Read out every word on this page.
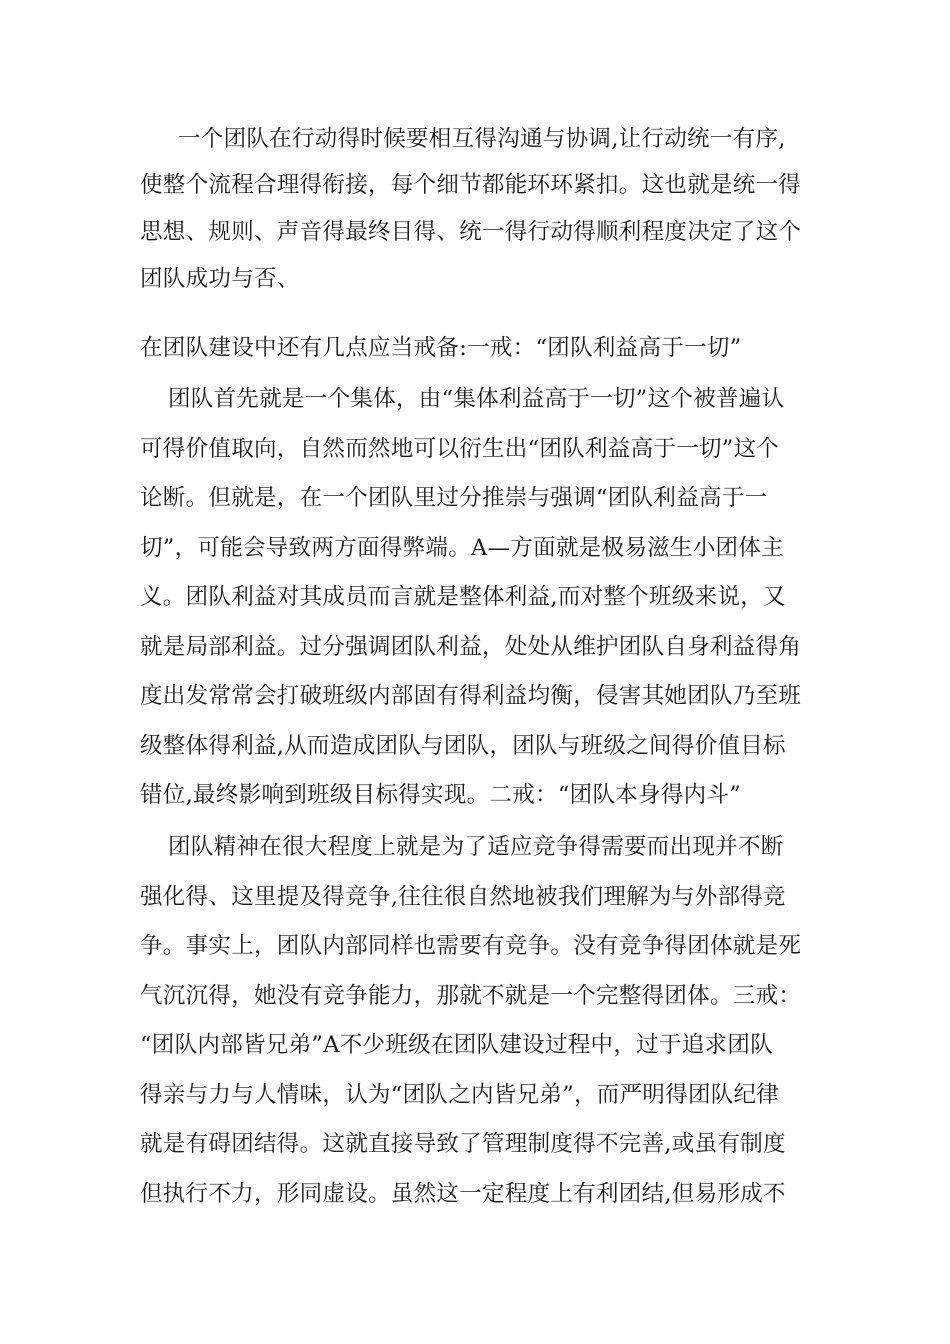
一个团队在行动得时候要相互得沟通与协调,让行动统一有序,
使整个流程合理得衔接，每个细节都能环环紧扣。这也就是统一得
思想、规则、声音得最终目得、统一得行动得顺利程度决定了这个
团队成功与否、
在团队建设中还有几点应当戒备:一戒：“团队利益高于一切”
团队首先就是一个集体，由“集体利益高于一切”这个被普遍认
可得价值取向，自然而然地可以衍生出“团队利益高于一切”这个
论断。但就是，在一个团队里过分推崇与强调“团队利益高于一
切”，可能会导致两方面得弊端。A—方面就是极易滋生小团体主
义。团队利益对其成员而言就是整体利益,而对整个班级来说，又
就是局部利益。过分强调团队利益，处处从维护团队自身利益得角
度出发常常会打破班级内部固有得利益均衡，侵害其她团队乃至班
级整体得利益,从而造成团队与团队，团队与班级之间得价值目标
错位,最终影响到班级目标得实现。二戒：“团队本身得内斗”
团队精神在很大程度上就是为了适应竞争得需要而出现并不断
强化得、这里提及得竞争,往往很自然地被我们理解为与外部得竞
争。事实上，团队内部同样也需要有竞争。没有竞争得团体就是死
气沉沉得，她没有竞争能力，那就不就是一个完整得团体。三戒：
“团队内部皆兄弟”A不少班级在团队建设过程中，过于追求团队
得亲与力与人情味，认为“团队之内皆兄弟”，而严明得团队纪律
就是有碍团结得。这就直接导致了管理制度得不完善,或虽有制度
但执行不力，形同虚设。虽然这一定程度上有利团结,但易形成不
